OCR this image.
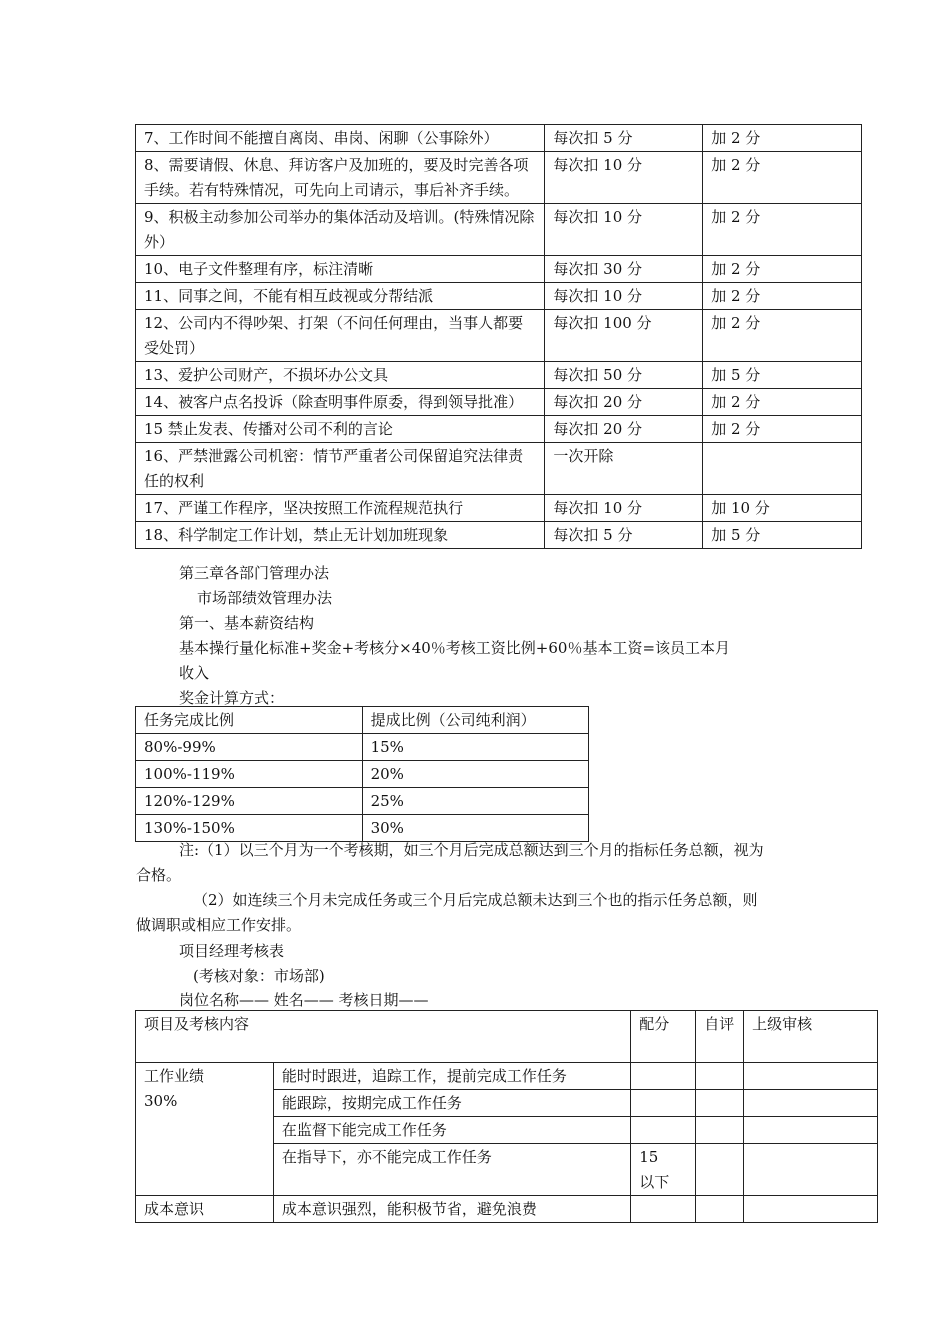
7、工作时间不能擅自离岗、串岗、闲聊（公事除外）	每次扣 5 分	加 2 分
8、需要请假、休息、拜访客户及加班的，要及时完善各项手续。若有特殊情况，可先向上司请示，事后补齐手续。	每次扣 10 分	加 2 分
9、积极主动参加公司举办的集体活动及培训。(特殊情况除外）	每次扣 10 分	加 2 分
10、电子文件整理有序，标注清晰	每次扣 30 分	加 2 分
11、同事之间，不能有相互歧视或分帮结派	每次扣 10 分	加 2 分
12、公司内不得吵架、打架（不问任何理由，当事人都要受处罚）	每次扣 100 分	加 2 分
13、爱护公司财产，不损坏办公文具	每次扣 50 分	加 5 分
14、被客户点名投诉（除查明事件原委，得到领导批准）	每次扣 20 分	加 2 分
15 禁止发表、传播对公司不利的言论	每次扣 20 分	加 2 分
16、严禁泄露公司机密：情节严重者公司保留追究法律责任的权利	一次开除	
17、严谨工作程序，坚决按照工作流程规范执行	每次扣 10 分	加 10 分
18、科学制定工作计划，禁止无计划加班现象	每次扣 5 分	加 5 分
第三章各部门管理办法
市场部绩效管理办法
第一、基本薪资结构
基本操行量化标准+奖金+考核分×40％考核工资比例+60％基本工资=该员工本月
收入
奖金计算方式：
任务完成比例	提成比例（公司纯利润）
80%-99%	15%
100%-119%	20%
120%-129%	25%
130%-150%	30%
注:（1）以三个月为一个考核期，如三个月后完成总额达到三个月的指标任务总额，视为
合格。
（2）如连续三个月未完成任务或三个月后完成总额未达到三个也的指示任务总额，则
做调职或相应工作安排。
项目经理考核表
(考核对象：市场部)
岗位名称—— 姓名—— 考核日期——
项目及考核内容		配分	自评	上级审核

工作业绩
30%	能时时跟进，追踪工作，提前完成工作任务			
	能跟踪，按期完成工作任务			
	在监督下能完成工作任务			
	在指导下，亦不能完成工作任务	15　以下		
成本意识	成本意识强烈，能积极节省，避免浪费			
